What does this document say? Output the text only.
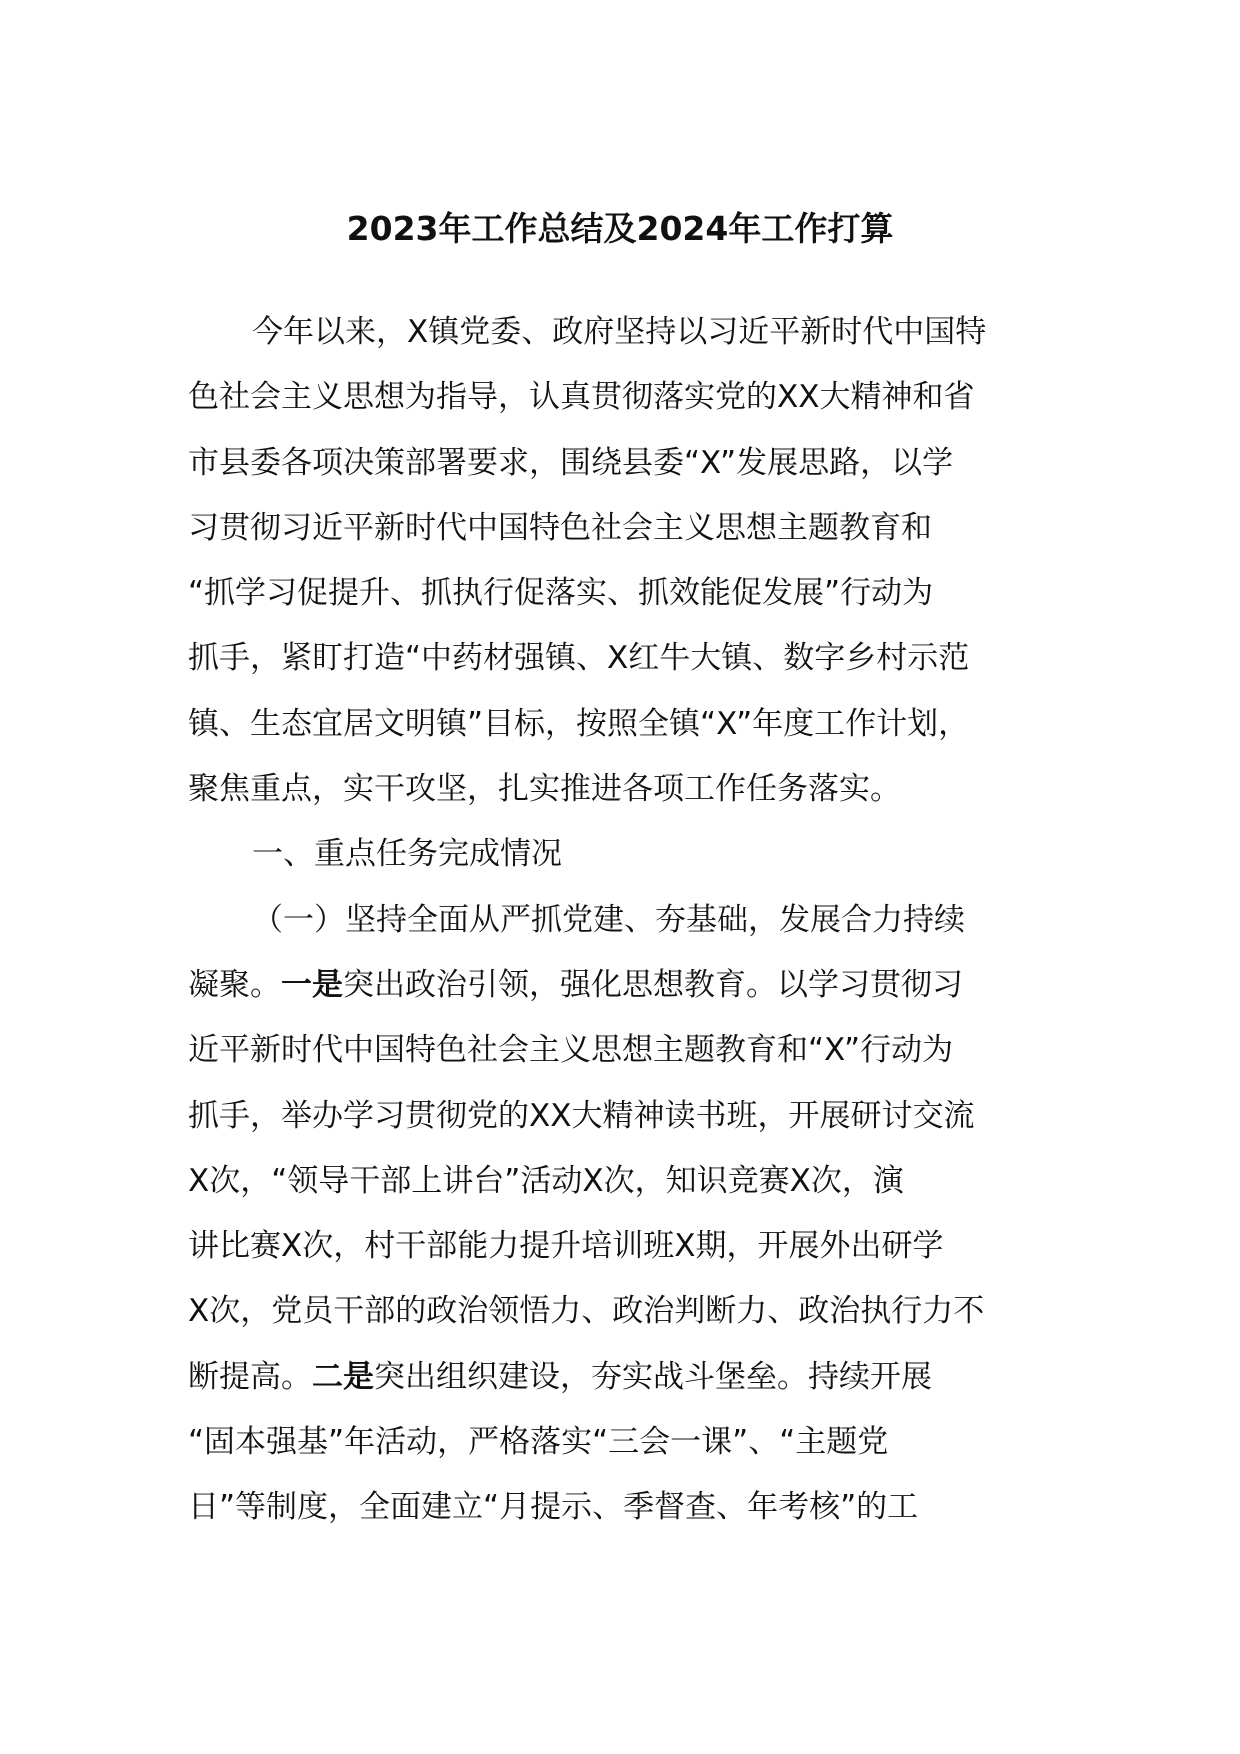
2023年工作总结及2024年工作打算
今年以来，X镇党委、政府坚持以习近平新时代中国特
色社会主义思想为指导，认真贯彻落实党的XX大精神和省
市县委各项决策部署要求，围绕县委“X”发展思路，以学
习贯彻习近平新时代中国特色社会主义思想主题教育和
“抓学习促提升、抓执行促落实、抓效能促发展”行动为
抓手，紧盯打造“中药材强镇、X红牛大镇、数字乡村示范
镇、生态宜居文明镇”目标，按照全镇“X”年度工作计划，
聚焦重点，实干攻坚，扎实推进各项工作任务落实。
一、重点任务完成情况
（一）坚持全面从严抓党建、夯基础，发展合力持续
凝聚。一是突出政治引领，强化思想教育。以学习贯彻习
近平新时代中国特色社会主义思想主题教育和“X”行动为
抓手，举办学习贯彻党的XX大精神读书班，开展研讨交流
X次，“领导干部上讲台”活动X次，知识竞赛X次，演
讲比赛X次，村干部能力提升培训班X期，开展外出研学
X次，党员干部的政治领悟力、政治判断力、政治执行力不
断提高。二是突出组织建设，夯实战斗堡垒。持续开展
“固本强基”年活动，严格落实“三会一课”、“主题党
日”等制度，全面建立“月提示、季督查、年考核”的工
